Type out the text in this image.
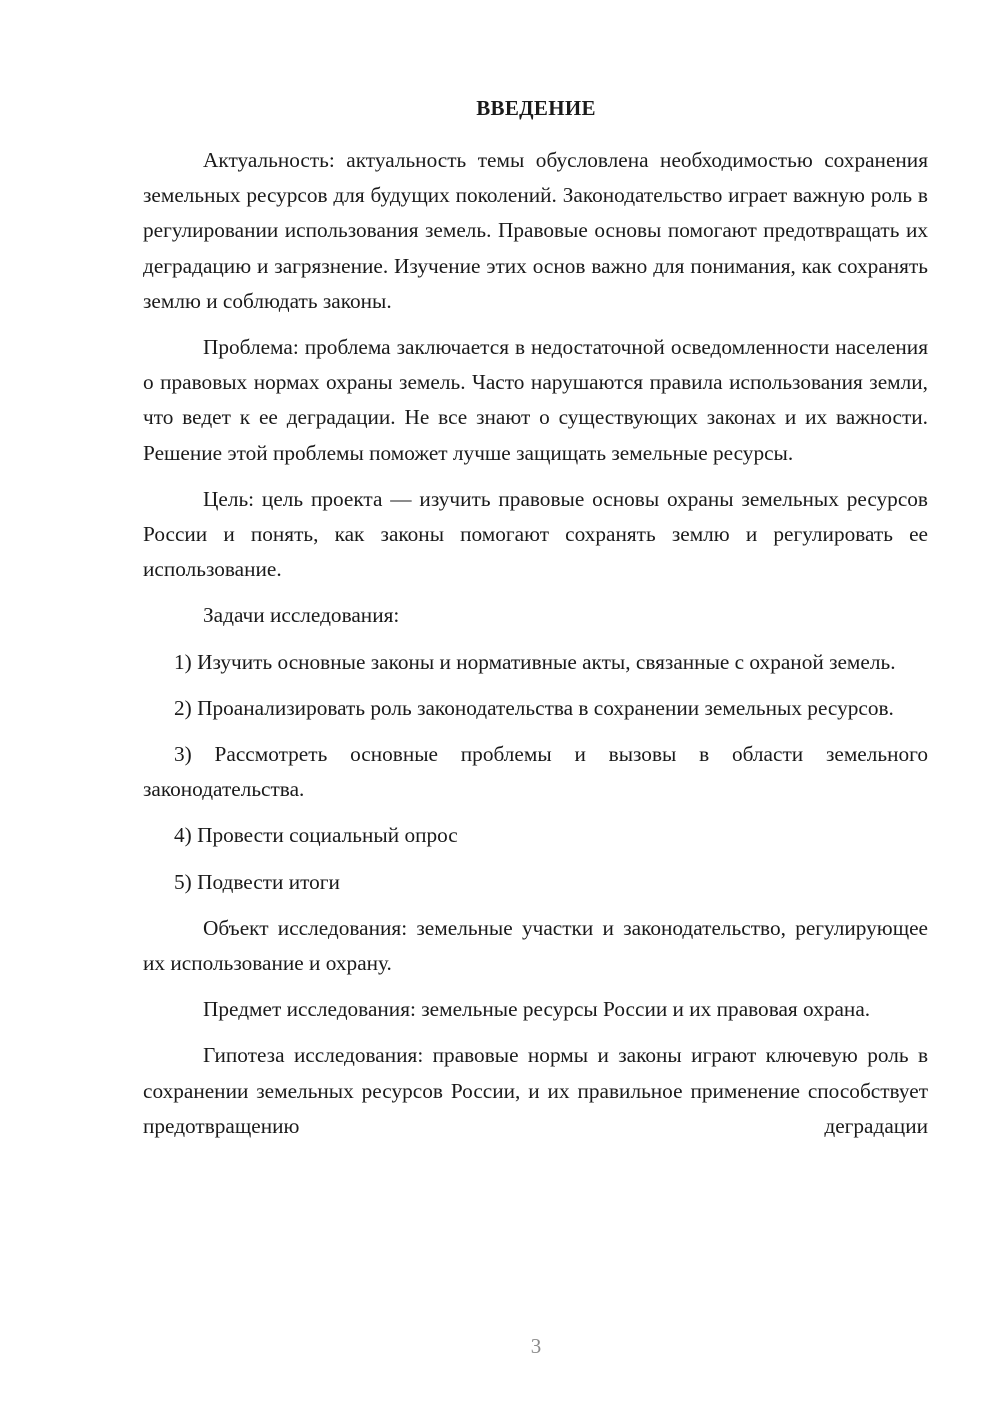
ВВЕДЕНИЕ

Актуальность: актуальность темы обусловлена необходимостью сохранения земельных ресурсов для будущих поколений. Законодательство играет важную роль в регулировании использования земель. Правовые основы помогают предотвращать их деградацию и загрязнение. Изучение этих основ важно для понимания, как сохранять землю и соблюдать законы.

Проблема: проблема заключается в недостаточной осведомленности населения о правовых нормах охраны земель. Часто нарушаются правила использования земли, что ведет к ее деградации. Не все знают о существующих законах и их важности. Решение этой проблемы поможет лучше защищать земельные ресурсы.

Цель: цель проекта — изучить правовые основы охраны земельных ресурсов России и понять, как законы помогают сохранять землю и регулировать ее использование.

Задачи исследования:

1) Изучить основные законы и нормативные акты, связанные с охраной земель.

2) Проанализировать роль законодательства в сохранении земельных ресурсов.

3) Рассмотреть основные проблемы и вызовы в области земельного законодательства.

4) Провести социальный опрос

5) Подвести итоги

Объект исследования: земельные участки и законодательство, регулирующее их использование и охрану.

Предмет исследования: земельные ресурсы России и их правовая охрана.

Гипотеза исследования: правовые нормы и законы играют ключевую роль в сохранении земельных ресурсов России, и их правильное применение способствует предотвращению деградации

3
